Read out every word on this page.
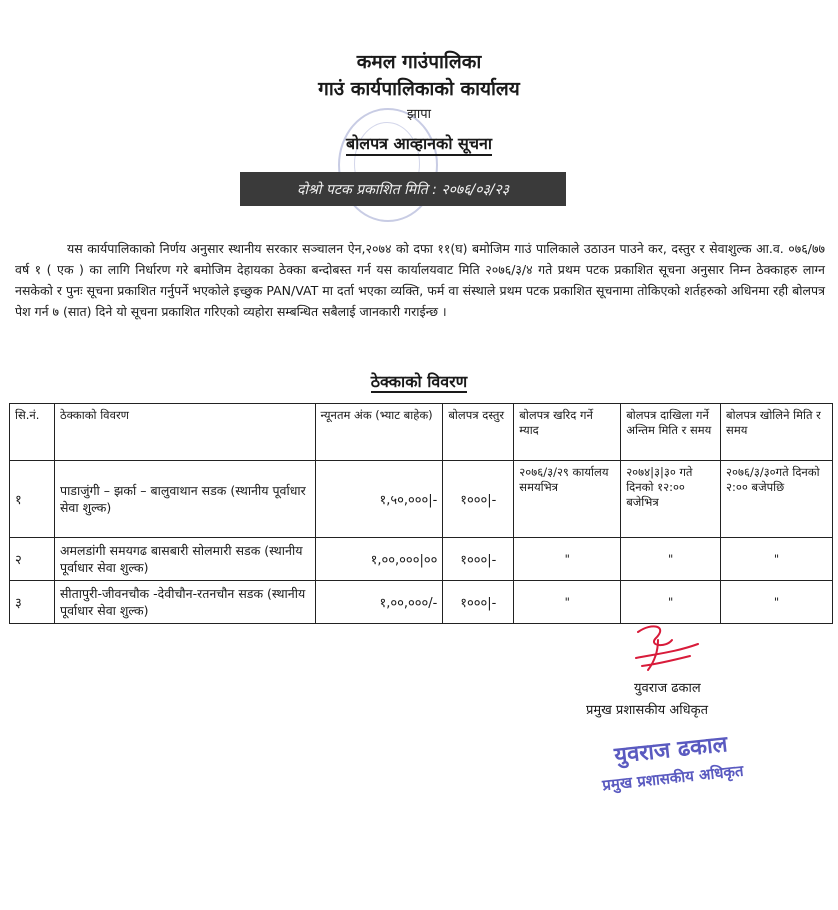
कमल गाउंपालिका
गाउं कार्यपालिकाको कार्यालय
झापा
बोलपत्र आव्हानको सूचना
दोश्रो पटक प्रकाशित मिति : २०७६/०३/२३
यस कार्यपालिकाको निर्णय अनुसार स्थानीय सरकार सञ्चालन ऐन,२०७४ को दफा ११(घ) बमोजिम गाउं पालिकाले उठाउन पाउने कर, दस्तुर र सेवाशुल्क आ.व. ०७६/७७ वर्ष १ ( एक ) का लागि निर्धारण गरे बमोजिम देहायका ठेक्का बन्दोबस्त गर्न यस कार्यालयवाट मिति २०७६/३/४ गते प्रथम पटक प्रकाशित सूचना अनुसार निम्न ठेक्काहरु लाग्न नसकेको र पुनः सूचना प्रकाशित गर्नुपर्ने भएकोले इच्छुक PAN/VAT मा दर्ता भएका व्यक्ति, फर्म वा संस्थाले प्रथम पटक प्रकाशित सूचनामा तोकिएको शर्तहरुको अधिनमा रही बोलपत्र पेश गर्न ७ (सात) दिने यो सूचना प्रकाशित गरिएको व्यहोरा सम्बन्धित सबैलाई जानकारी गराईन्छ ।
ठेक्काको विवरण
सि.नं.	ठेक्काको विवरण	न्यूनतम अंक (भ्याट बाहेक)	बोलपत्र दस्तुर	बोलपत्र खरिद गर्ने म्याद	बोलपत्र दाखिला गर्ने अन्तिम मिति र समय	बोलपत्र खोलिने मिति र समय
१	पाडाजुंगी – झर्का – बालुवाथान सडक (स्थानीय पूर्वाधार सेवा शुल्क)	१,५०,०००|-	१०००|-	२०७६/३/२९ कार्यालय समयभित्र	२०७४|३|३० गते दिनको १२:०० बजेभित्र	२०७६/३/३०गते दिनको २:०० बजेपछि
२	अमलडांगी समयगढ बासबारी सोलमारी सडक (स्थानीय पूर्वाधार सेवा शुल्क)	१,००,०००|००	१०००|-	"	"	"
३	सीतापुरी-जीवनचौक -देवीचौन-रतनचौन सडक (स्थानीय पूर्वाधार सेवा शुल्क)	१,००,०००/-	१०००|-	"	"	"
युवराज ढकाल
प्रमुख प्रशासकीय अधिकृत
युवराज ढकाल
प्रमुख प्रशासकीय अधिकृत
